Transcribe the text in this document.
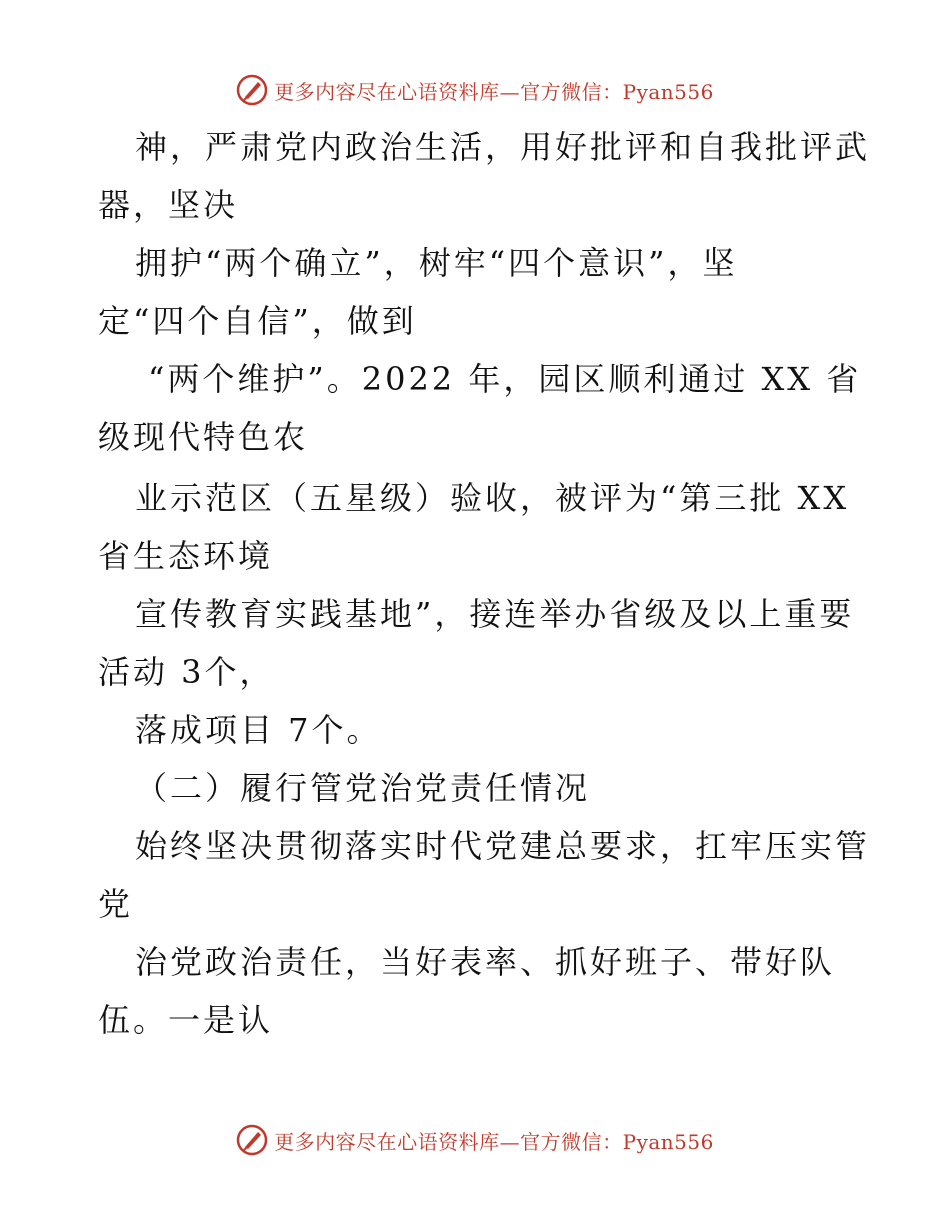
更多内容尽在心语资料库—官方微信：Pyan556
神，严肃党内政治生活，用好批评和自我批评武
器，坚决
拥护“两个确立”，树牢“四个意识”，坚
定“四个自信”，做到
“两个维护”。2022 年，园区顺利通过 XX 省
级现代特色农
业示范区（五星级）验收，被评为“第三批 XX
省生态环境
宣传教育实践基地”，接连举办省级及以上重要
活动 3个，
落成项目 7个。
（二）履行管党治党责任情况
始终坚决贯彻落实时代党建总要求，扛牢压实管
党
治党政治责任，当好表率、抓好班子、带好队
伍。一是认
更多内容尽在心语资料库—官方微信：Pyan556
